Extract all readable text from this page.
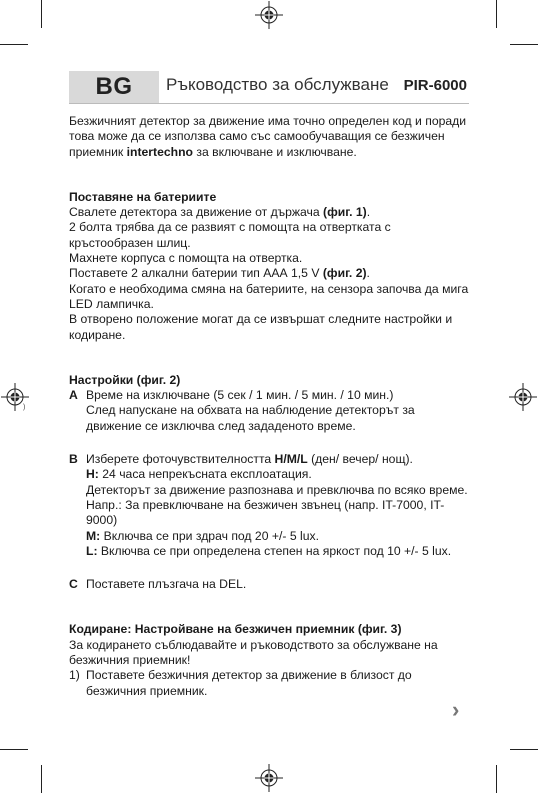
)
BG	Ръководство за обслужване PIR-6000

Безжичният детектор за движение има точно определен код и поради това може да се използва само със самообучаващия се безжичен приемник intertechno за включване и изключване.

Поставяне на батериите

Свалете детектора за движение от държача (фиг. 1).

2 болта трябва да се развият с помощта на отвертката с кръстообразен шлиц.

Махнете корпуса с помощта на отвертка.

Поставете 2 алкални батерии тип ААА 1,5 V (фиг. 2).

Когато е необходима смяна на батериите, на сензора започва да мига LED лампичка.

В отворено положение могат да се извършат следните настройки и кодиране.

Настройки (фиг. 2)

A Време на изключване (5 сек / 1 мин. / 5 мин. / 10 мин.)

След напускане на обхвата на наблюдение детекторът за движение се изключва след зададеното време.

B Изберете фоточувствителността H/M/L (ден/ вечер/ нощ).

H: 24 часа непрекъснатa експлоатация.

Детекторът за движение разпознава и превключва по всяко време.

Напр.: За превключване на безжичен звънец (напр. IT-7000, IT-9000)

M: Включва се при здрач под 20 +/- 5 lux.

L: Включва се при определена степен на яркост под 10 +/- 5 lux.

C Поставете плъзгача на DEL.

Кодиране: Настройване на безжичен приемник (фиг. 3)

За кодирането съблюдавайте и ръководството за обслужване на безжичния приемник!

1) Поставете безжичния детектор за движение в близост до безжичния приемник.

›
